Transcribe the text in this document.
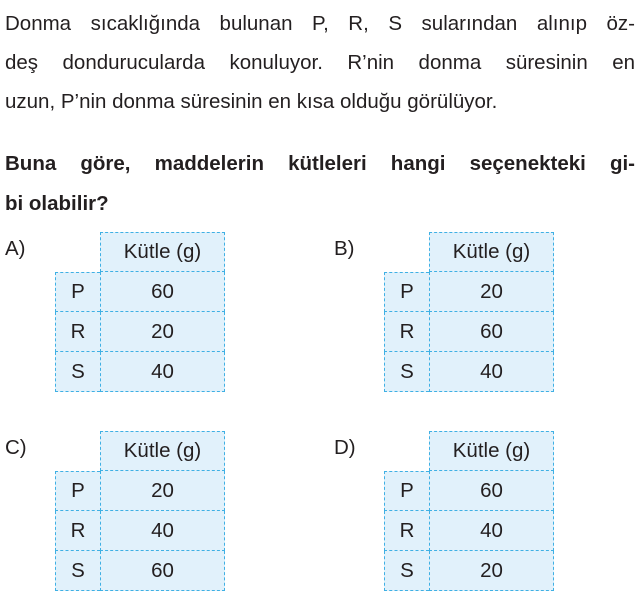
Donma sıcaklığında bulunan P, R, S sularından alınıp öz-
deş dondurucularda konuluyor. R’nin donma süresinin en
uzun, P’nin donma süresinin en kısa olduğu görülüyor.
Buna göre, maddelerin kütleleri hangi seçenekteki gi-
bi olabilir?
A)	Kütle (g)
P	60
R	20
S	40
B)	Kütle (g)
P	20
R	60
S	40
C)	Kütle (g)
P	20
R	40
S	60
D)	Kütle (g)
P	60
R	40
S	20
